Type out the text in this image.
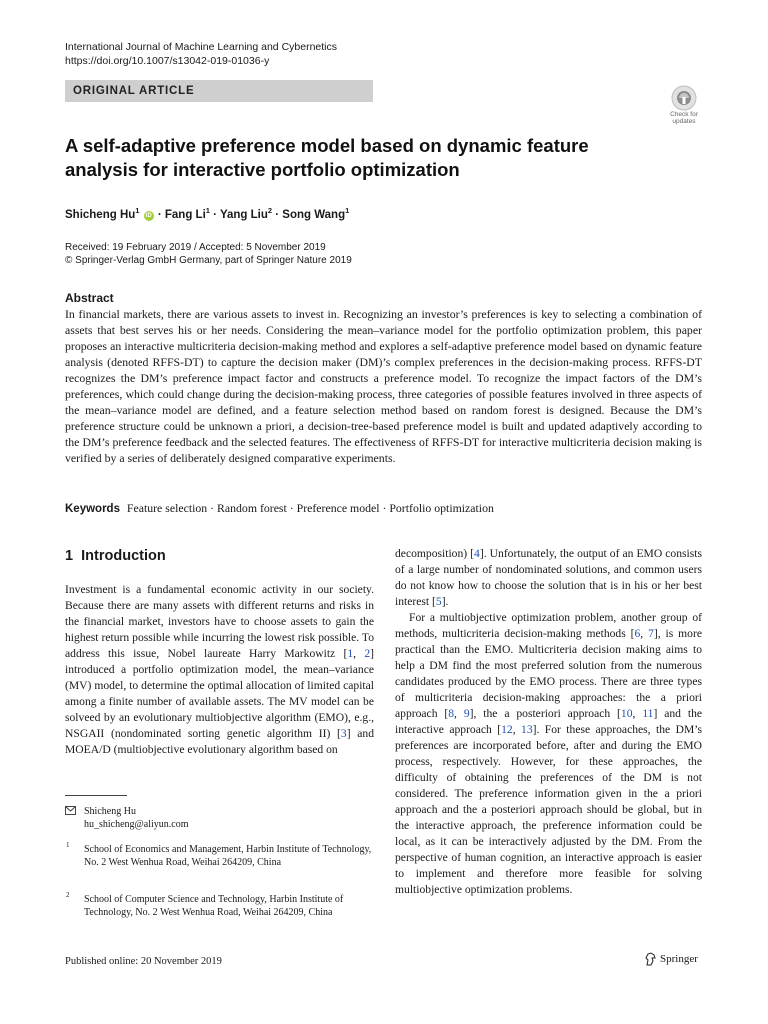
International Journal of Machine Learning and Cybernetics
https://doi.org/10.1007/s13042-019-01036-y
ORIGINAL ARTICLE
Check for updates
A self-adaptive preference model based on dynamic feature analysis for interactive portfolio optimization
Shicheng Hu$^1$ iD · Fang $Li^1$ · Yang Liu$^2$ · Song Wang$^1$
Received: 19 February 2019 / Accepted: 5 November 2019
© Springer-Verlag GmbH Germany, part of Springer Nature 2019
Abstract

In financial markets, there are various assets to invest in. Recognizing an investor’s preferences is key to selecting a combination of assets that best serves his or her needs. Considering the mean–variance model for the portfolio optimization problem, this paper proposes an interactive multicriteria decision-making method and explores a self-adaptive preference model based on dynamic feature analysis (denoted RFFS-DT) to capture the decision maker (DM)’s complex preferences in the decision-making process. RFFS-DT recognizes the DM’s preference impact factor and constructs a preference model. To recognize the impact factors of the DM’s preferences, which could change during the decision-making process, three categories of possible features involved in three aspects of the mean–variance model are defined, and a feature selection method based on random forest is designed. Because the DM’s preference structure could be unknown a priori, a decision-tree-based preference model is built and updated adaptively according to the DM’s preference feedback and the selected features. The effectiveness of RFFS-DT for interactive multicriteria decision making is verified by a series of deliberately designed comparative experiments.

Keywords Feature selection · Random forest · Preference model · Portfolio optimization
1 Introduction

Investment is a fundamental economic activity in our society. Because there are many assets with different returns and risks in the financial market, investors have to choose assets to gain the highest return possible while incurring the lowest risk possible. To address this issue, Nobel laureate Harry Markowitz [1, 2] introduced a portfolio optimization model, the mean–variance (MV) model, to determine the optimal allocation of limited capital among a finite number of available assets. The MV model can be solveed by an evolutionary multiobjective algorithm (EMO), e.g., NSGAII (nondominated sorting genetic algorithm II) [3] and MOEA/D (multiobjective evolutionary algorithm based on

decomposition) [4]. Unfortunately, the output of an EMO consists of a large number of nondominated solutions, and common users do not know how to choose the solution that is in his or her best interest [5].

For a multiobjective optimization problem, another group of methods, multicriteria decision-making methods [6, 7], is more practical than the EMO. Multicriteria decision making aims to help a DM find the most preferred solution from the numerous candidates produced by the EMO process. There are three types of multicriteria decision-making approaches: the a priori approach [8, 9], the a posteriori approach [10, 11] and the interactive approach [12, 13]. For these approaches, the DM’s preferences are incorporated before, after and during the EMO process, respectively. However, for these approaches, the difficulty of obtaining the preferences of the DM is not considered. The preference information given in the a priori approach and the a posteriori approach should be global, but in the interactive approach, the preference information could be local, as it can be interactively adjusted by the DM. From the perspective of human cognition, an interactive approach is easier to implement and therefore more feasible for solving multiobjective optimization problems.

Shicheng Hu
hu_shicheng@aliyun.com
1 School of Economics and Management, Harbin Institute of Technology, No. 2 West Wenhua Road, Weihai 264209, China
2 School of Computer Science and Technology, Harbin Institute of Technology, No. 2 West Wenhua Road, Weihai 264209, China
Published online: 20 November 2019	Springer
